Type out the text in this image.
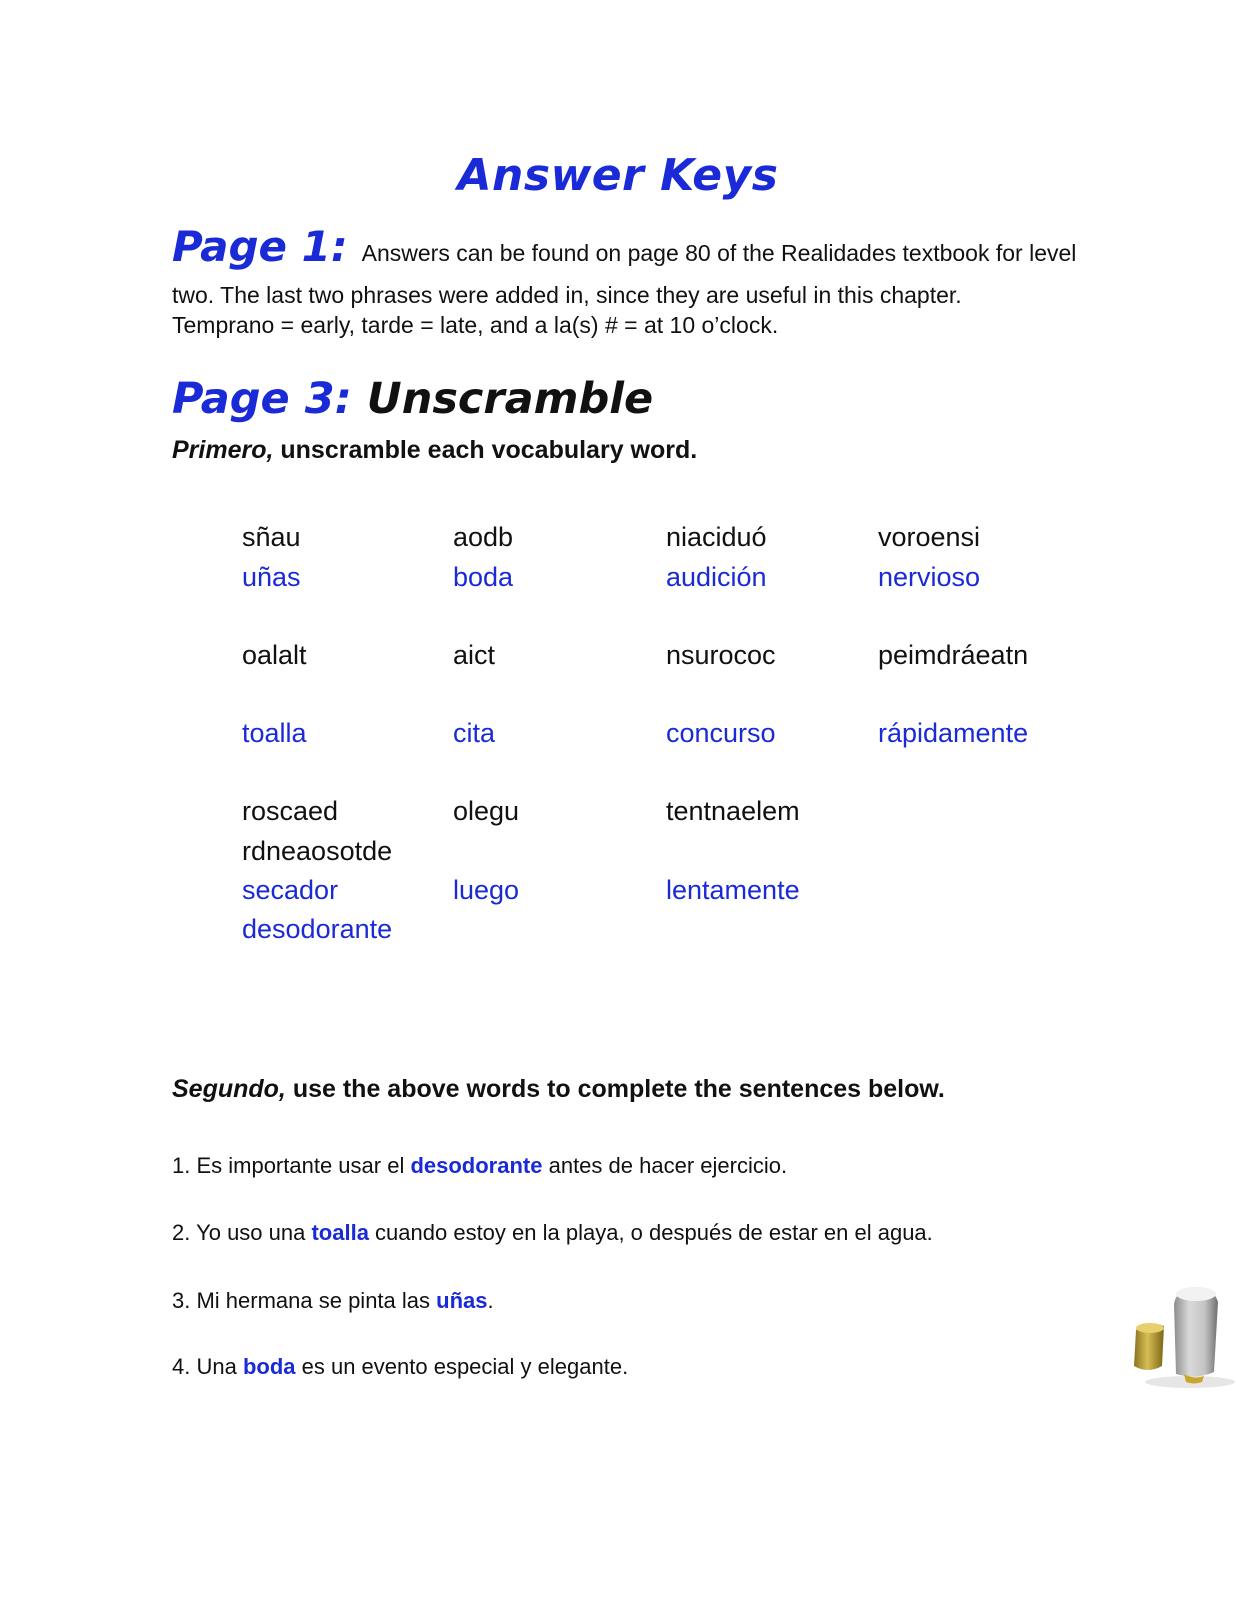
Answer Keys
Page 1: Answers can be found on page 80 of the Realidades textbook for level
two. The last two phrases were added in, since they are useful in this chapter.
Temprano = early, tarde = late, and a la(s) # = at 10 o’clock.
Page 3: Unscramble
Primero, unscramble each vocabulary word.
sñau	aodb	niaciduó	voroensi
uñas	boda	audición	nervioso
oalalt	aict	nsurococ	peimdráeatn
toalla	cita	concurso	rápidamente
roscaed	olegu	tentnaelem
rdneaosotde
secador	luego	lentamente
desodorante
Segundo, use the above words to complete the sentences below.
1. Es importante usar el desodorante antes de hacer ejercicio.
2. Yo uso una toalla cuando estoy en la playa, o después de estar en el agua.
3. Mi hermana se pinta las uñas.
4. Una boda es un evento especial y elegante.
